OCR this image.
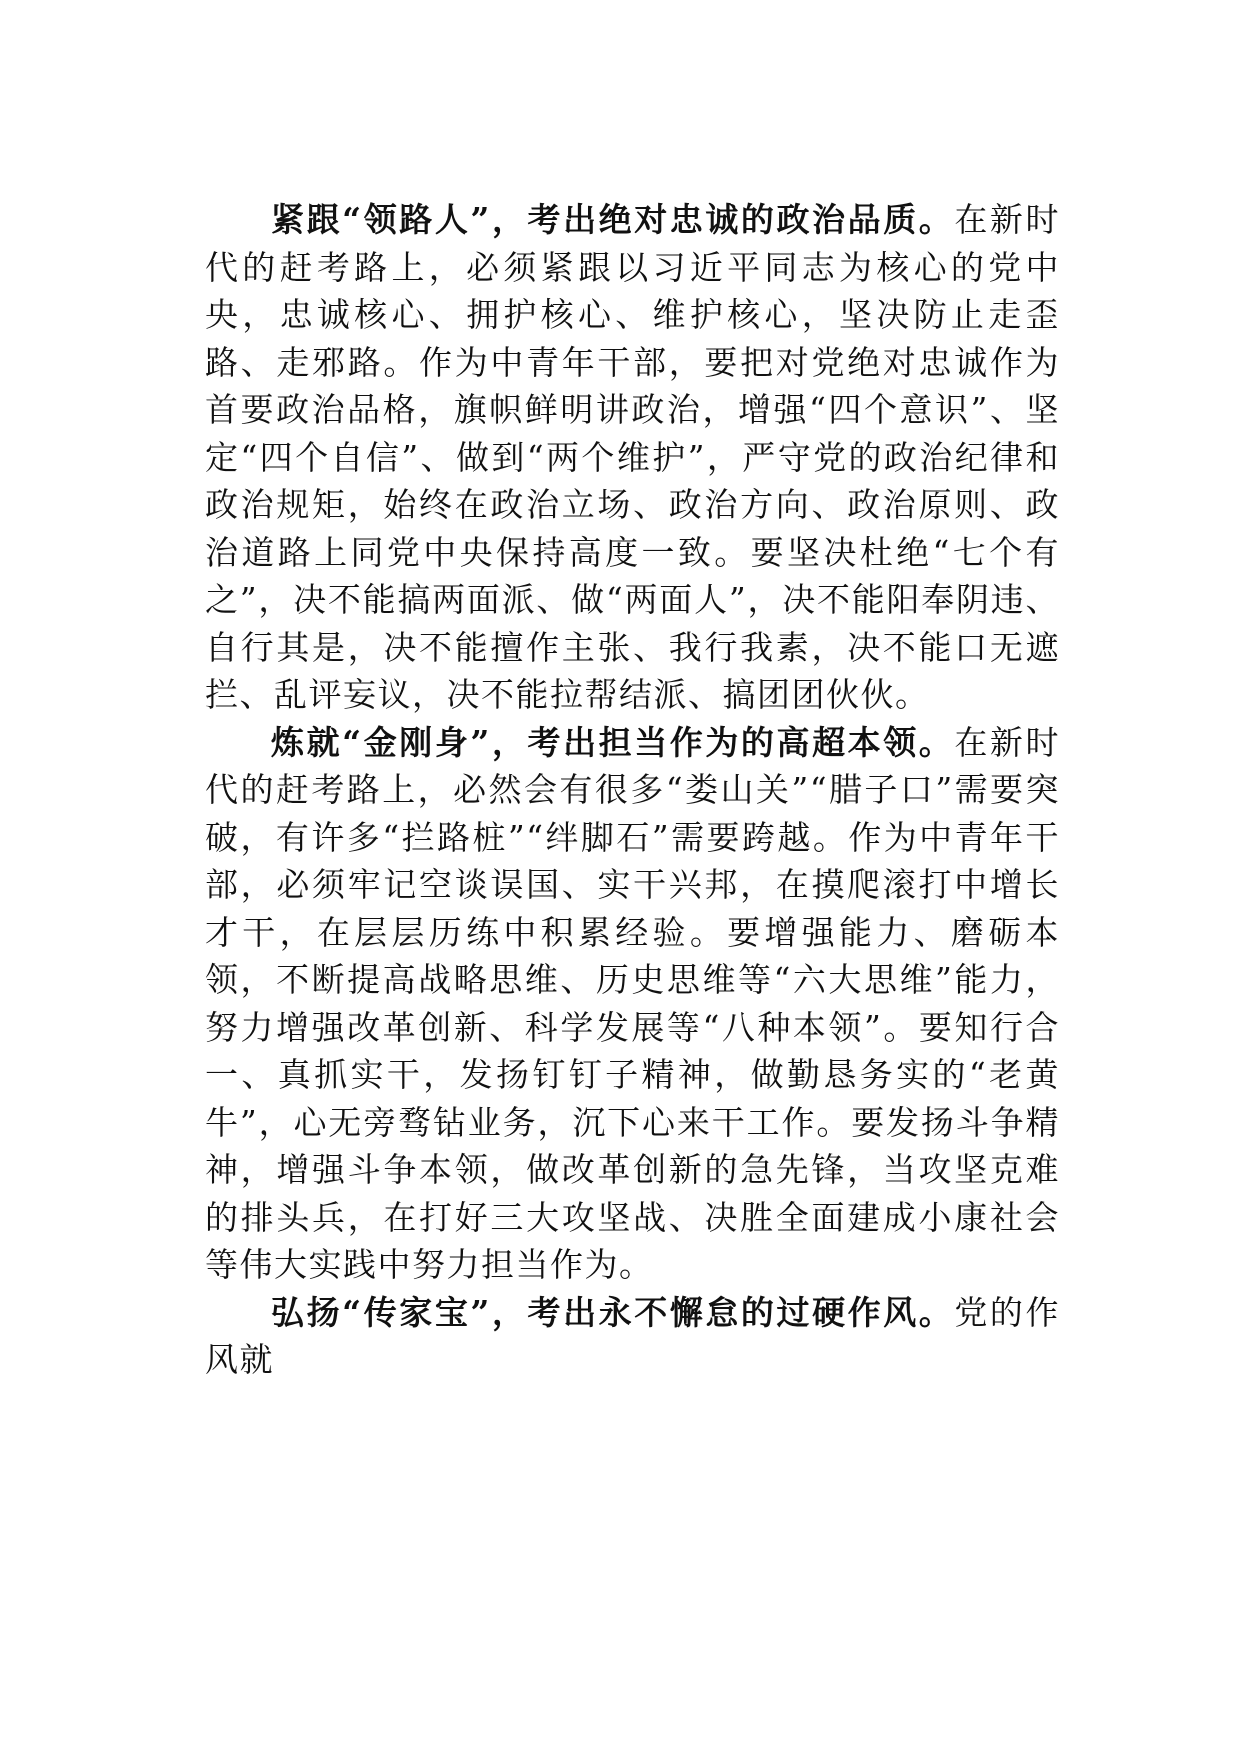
紧跟“领路人”，考出绝对忠诚的政治品质。在新时代的赶考路上，必须紧跟以习近平同志为核心的党中央，忠诚核心、拥护核心、维护核心，坚决防止走歪路、走邪路。作为中青年干部，要把对党绝对忠诚作为首要政治品格，旗帜鲜明讲政治，增强“四个意识”、坚定“四个自信”、做到“两个维护”，严守党的政治纪律和政治规矩，始终在政治立场、政治方向、政治原则、政治道路上同党中央保持高度一致。要坚决杜绝“七个有之”，决不能搞两面派、做“两面人”，决不能阳奉阴违、自行其是，决不能擅作主张、我行我素，决不能口无遮拦、乱评妄议，决不能拉帮结派、搞团团伙伙。

炼就“金刚身”，考出担当作为的高超本领。在新时代的赶考路上，必然会有很多“娄山关”“腊子口”需要突破，有许多“拦路桩”“绊脚石”需要跨越。作为中青年干部，必须牢记空谈误国、实干兴邦，在摸爬滚打中增长才干，在层层历练中积累经验。要增强能力、磨砺本领，不断提高战略思维、历史思维等“六大思维”能力，努力增强改革创新、科学发展等“八种本领”。要知行合一、真抓实干，发扬钉钉子精神，做勤恳务实的“老黄牛”，心无旁骛钻业务，沉下心来干工作。要发扬斗争精神，增强斗争本领，做改革创新的急先锋，当攻坚克难的排头兵，在打好三大攻坚战、决胜全面建成小康社会等伟大实践中努力担当作为。

弘扬“传家宝”，考出永不懈怠的过硬作风。党的作风就
